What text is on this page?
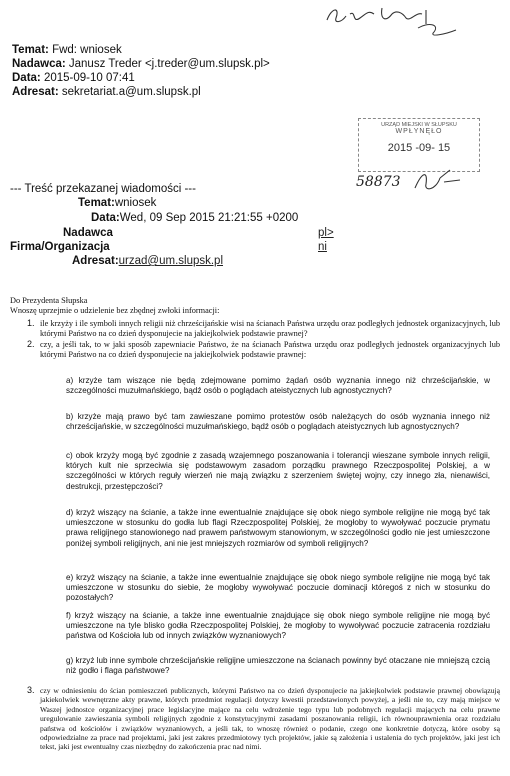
Temat: Fwd: wniosek
Nadawca: Janusz Treder <j.treder@um.slupsk.pl>
Data: 2015-09-10 07:41
Adresat: sekretariat.a@um.slupsk.pl
URZĄD MIEJSKI W SŁUPSKU
WPŁYNĘŁO
2015 -09- 15
58873
--- Treść przekazanej wiadomości ---
Temat:wniosek
Data:Wed, 09 Sep 2015 21:21:55 +0200
Nadawca	pl>
Firma/Organizacja	ni
Adresat:urzad@um.slupsk.pl
Do Prezydenta Słupska
Wnoszę uprzejmie o udzielenie bez zbędnej zwłoki informacji:
1. ile krzyży i ile symboli innych religii niż chrześcijańskie wisi na ścianach Państwa urzędu oraz podległych jednostek organizacyjnych, lub którymi Państwo na co dzień dysponujecie na jakiejkolwiek podstawie prawnej?
2. czy, a jeśli tak, to w jaki sposób zapewniacie Państwo, że na ścianach Państwa urzędu oraz podległych jednostek organizacyjnych lub którymi Państwo na co dzień dysponujecie na jakiejkolwiek podstawie prawnej:
a) krzyże tam wiszące nie będą zdejmowane pomimo żądań osób wyznania innego niż chrześcijańskie, w szczególności muzułmańskiego, bądź osób o poglądach ateistycznych lub agnostycznych?
b) krzyże mają prawo być tam zawieszane pomimo protestów osób należących do osób wyznania innego niż chrześcijańskie, w szczególności muzułmańskiego, bądź osób o poglądach ateistycznych lub agnostycznych?
c) obok krzyży mogą być zgodnie z zasadą wzajemnego poszanowania i tolerancji wieszane symbole innych religii, których kult nie sprzeciwia się podstawowym zasadom porządku prawnego Rzeczpospolitej Polskiej, a w szczególności w których reguły wierzeń nie mają związku z szerzeniem świętej wojny, czy innego zła, nienawiści, destrukcji, przestępczości?
d) krzyż wiszący na ścianie, a także inne ewentualnie znajdujące się obok niego symbole religijne nie mogą być tak umieszczone w stosunku do godła lub flagi Rzeczpospolitej Polskiej, że mogłoby to wywoływać poczucie prymatu prawa religijnego stanowionego nad prawem państwowym stanowionym, w szczególności godło nie jest umieszczone poniżej symboli religijnych, ani nie jest mniejszych rozmiarów od symboli religijnych?
e) krzyż wiszący na ścianie, a także inne ewentualnie znajdujące się obok niego symbole religijne nie mogą być tak umieszczone w stosunku do siebie, że mogłoby wywoływać poczucie dominacji któregoś z nich w stosunku do pozostałych?
f) krzyż wiszący na ścianie, a także inne ewentualnie znajdujące się obok niego symbole religijne nie mogą być umieszczone na tyle blisko godła Rzeczpospolitej Polskiej, że mogłoby to wywoływać poczucie zatracenia rozdziału państwa od Kościoła lub od innych związków wyznaniowych?
g) krzyż lub inne symbole chrześcijańskie religijne umieszczone na ścianach powinny być otaczane nie mniejszą czcią niż godło i flaga państwowe?
3. czy w odniesieniu do ścian pomieszczeń publicznych, którymi Państwo na co dzień dysponujecie na jakiejkolwiek podstawie prawnej obowiązują jakiekolwiek wewnętrzne akty prawne, których przedmiot regulacji dotyczy kwestii przedstawionych powyżej, a jeśli nie to, czy mają miejsce w Waszej jednostce organizacyjnej prace legislacyjne mające na celu wdrożenie tego typu lub podobnych regulacji mających na celu prawne uregulowanie zawieszania symboli religijnych zgodnie z konstytucyjnymi zasadami poszanowania religii, ich równouprawnienia oraz rozdziału państwa od kościołów i związków wyznaniowych, a jeśli tak, to wnoszę również o podanie, czego one konkretnie dotyczą, które osoby są odpowiedzialne za prace nad projektami, jaki jest zakres przedmiotowy tych projektów, jakie są założenia i ustalenia do tych projektów, jaki jest ich tekst, jaki jest ewentualny czas niezbędny do zakończenia prac nad nimi.
